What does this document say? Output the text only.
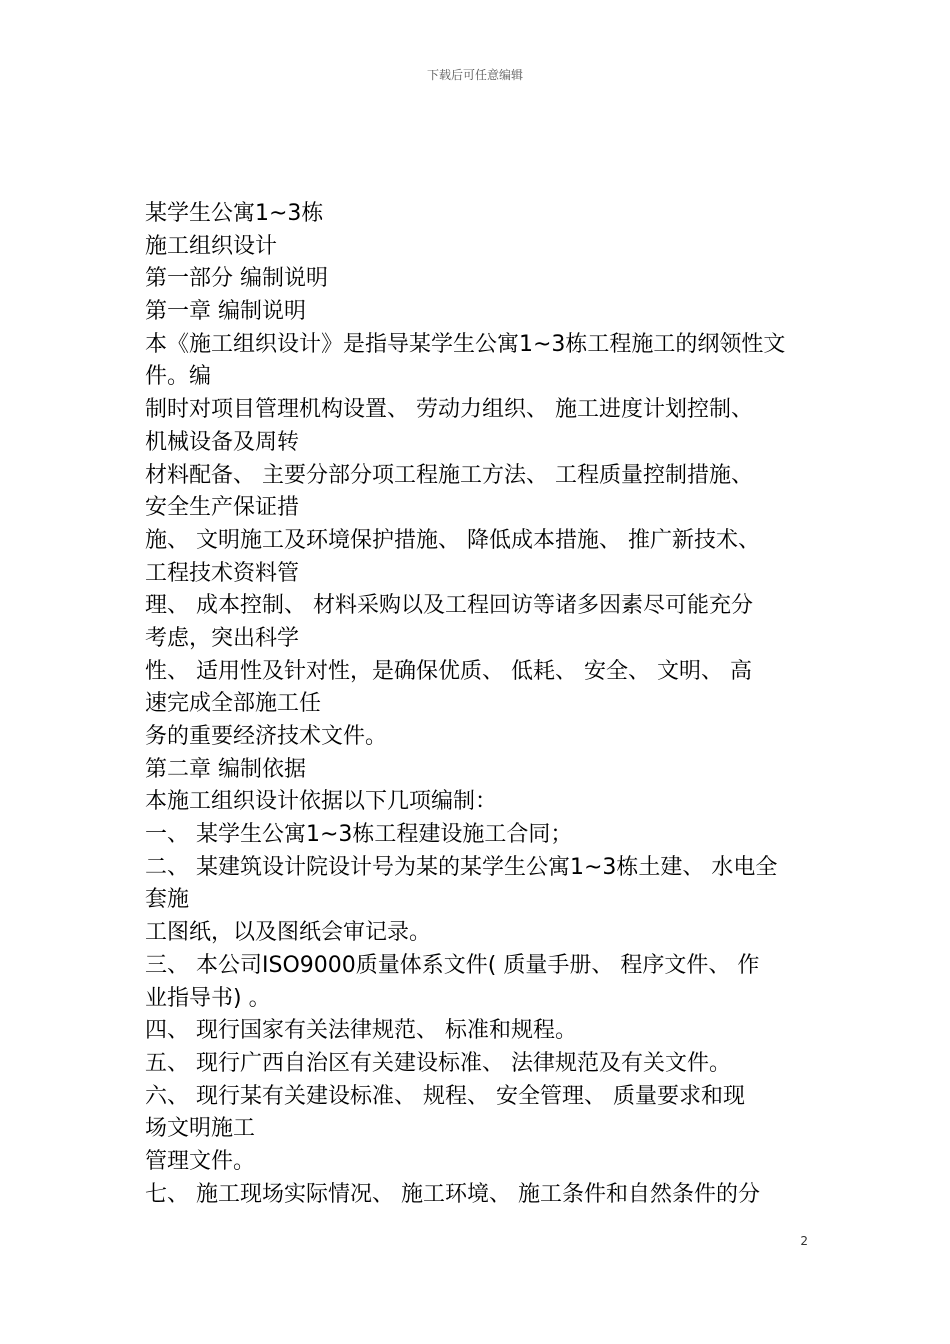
下载后可任意编辑
某学生公寓1~3栋
施工组织设计
第一部分 编制说明
第一章 编制说明
本《施工组织设计》是指导某学生公寓1~3栋工程施工的纲领性文
件。编
制时对项目管理机构设置、 劳动力组织、 施工进度计划控制、
机械设备及周转
材料配备、 主要分部分项工程施工方法、 工程质量控制措施、
安全生产保证措
施、 文明施工及环境保护措施、 降低成本措施、 推广新技术、
工程技术资料管
理、 成本控制、 材料采购以及工程回访等诸多因素尽可能充分
考虑，突出科学
性、 适用性及针对性，是确保优质、 低耗、 安全、 文明、 高
速完成全部施工任
务的重要经济技术文件。
第二章 编制依据
本施工组织设计依据以下几项编制：
一、 某学生公寓1~3栋工程建设施工合同；
二、 某建筑设计院设计号为某的某学生公寓1~3栋土建、 水电全
套施
工图纸，以及图纸会审记录。
三、 本公司ISO9000质量体系文件( 质量手册、 程序文件、 作
业指导书) 。
四、 现行国家有关法律规范、 标准和规程。
五、 现行广西自治区有关建设标准、 法律规范及有关文件。
六、 现行某有关建设标准、 规程、 安全管理、 质量要求和现
场文明施工
管理文件。
七、 施工现场实际情况、 施工环境、 施工条件和自然条件的分
2
